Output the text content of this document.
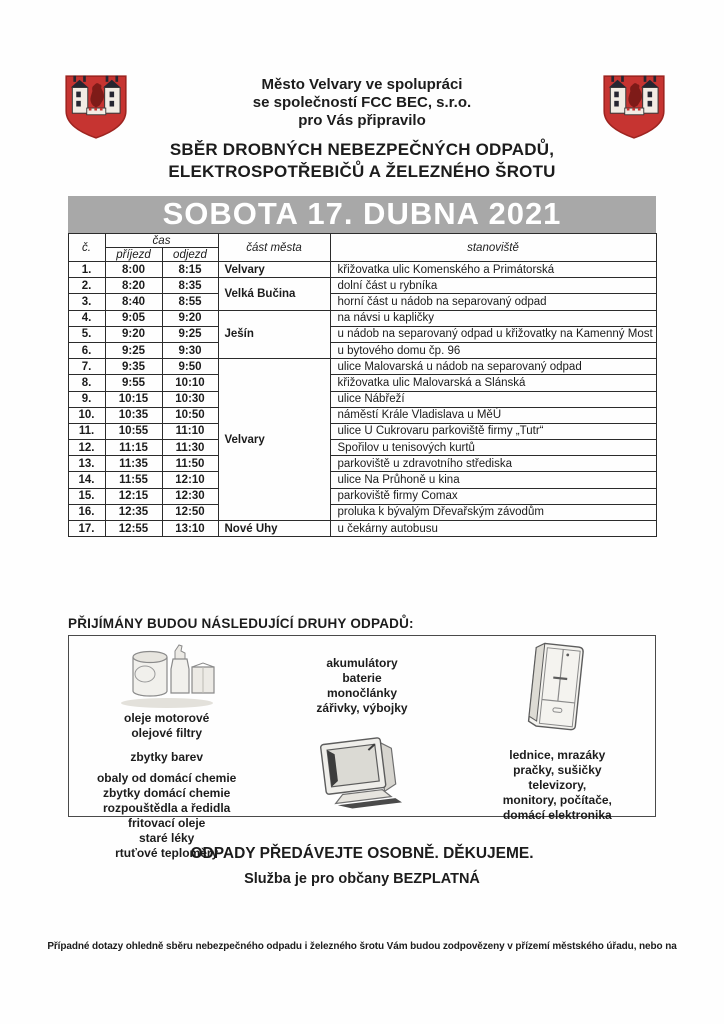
Město Velvary ve spolupráci
se společností FCC BEC, s.r.o.
pro Vás připravilo
SBĚR DROBNÝCH NEBEZPEČNÝCH ODPADŮ,
ELEKTROSPOTŘEBIČŮ A ŽELEZNÉHO ŠROTU
SOBOTA 17. DUBNA 2021
č.	čas		část města	stanoviště
	příjezd	odjezd		
1.	8:00	8:15	Velvary	křižovatka ulic Komenského a Primátorská
2.	8:20	8:35	Velká Bučina	dolní část u rybníka
3.	8:40	8:55		horní část u nádob na separovaný odpad
4.	9:05	9:20	Ješín	na návsi u kapličky
5.	9:20	9:25		u nádob na separovaný odpad u křižovatky na Kamenný Most
6.	9:25	9:30		u bytového domu čp. 96
7.	9:35	9:50	Velvary	ulice Malovarská u nádob na separovaný odpad
8.	9:55	10:10		křižovatka ulic Malovarská a Slánská
9.	10:15	10:30		ulice Nábřeží
10.	10:35	10:50		náměstí Krále Vladislava u MěÚ
11.	10:55	11:10		ulice U Cukrovaru parkoviště firmy „Tutr“
12.	11:15	11:30		Spořilov u tenisových kurtů
13.	11:35	11:50		parkoviště u zdravotního střediska
14.	11:55	12:10		ulice Na Průhoně u kina
15.	12:15	12:30		parkoviště firmy Comax
16.	12:35	12:50		proluka k bývalým Dřevařským závodům
17.	12:55	13:10	Nové Uhy	u čekárny autobusu
PŘIJÍMÁNY BUDOU NÁSLEDUJÍCÍ DRUHY ODPADŮ:
oleje motorové
olejové filtry
zbytky barev
obaly od domácí chemie
zbytky domácí chemie
rozpouštědla a ředidla
fritovací oleje
staré léky
rtuťové teploměry
akumulátory
baterie
monočlánky
zářivky, výbojky
lednice, mrazáky
pračky, sušičky
televizory,
monitory, počítače,
domácí elektronika
ODPADY PŘEDÁVEJTE OSOBNĚ. DĚKUJEME.
Služba je pro občany BEZPLATNÁ
Případné dotazy ohledně sběru nebezpečného odpadu i železného šrotu Vám budou zodpovězeny v přízemí městského úřadu, nebo na
